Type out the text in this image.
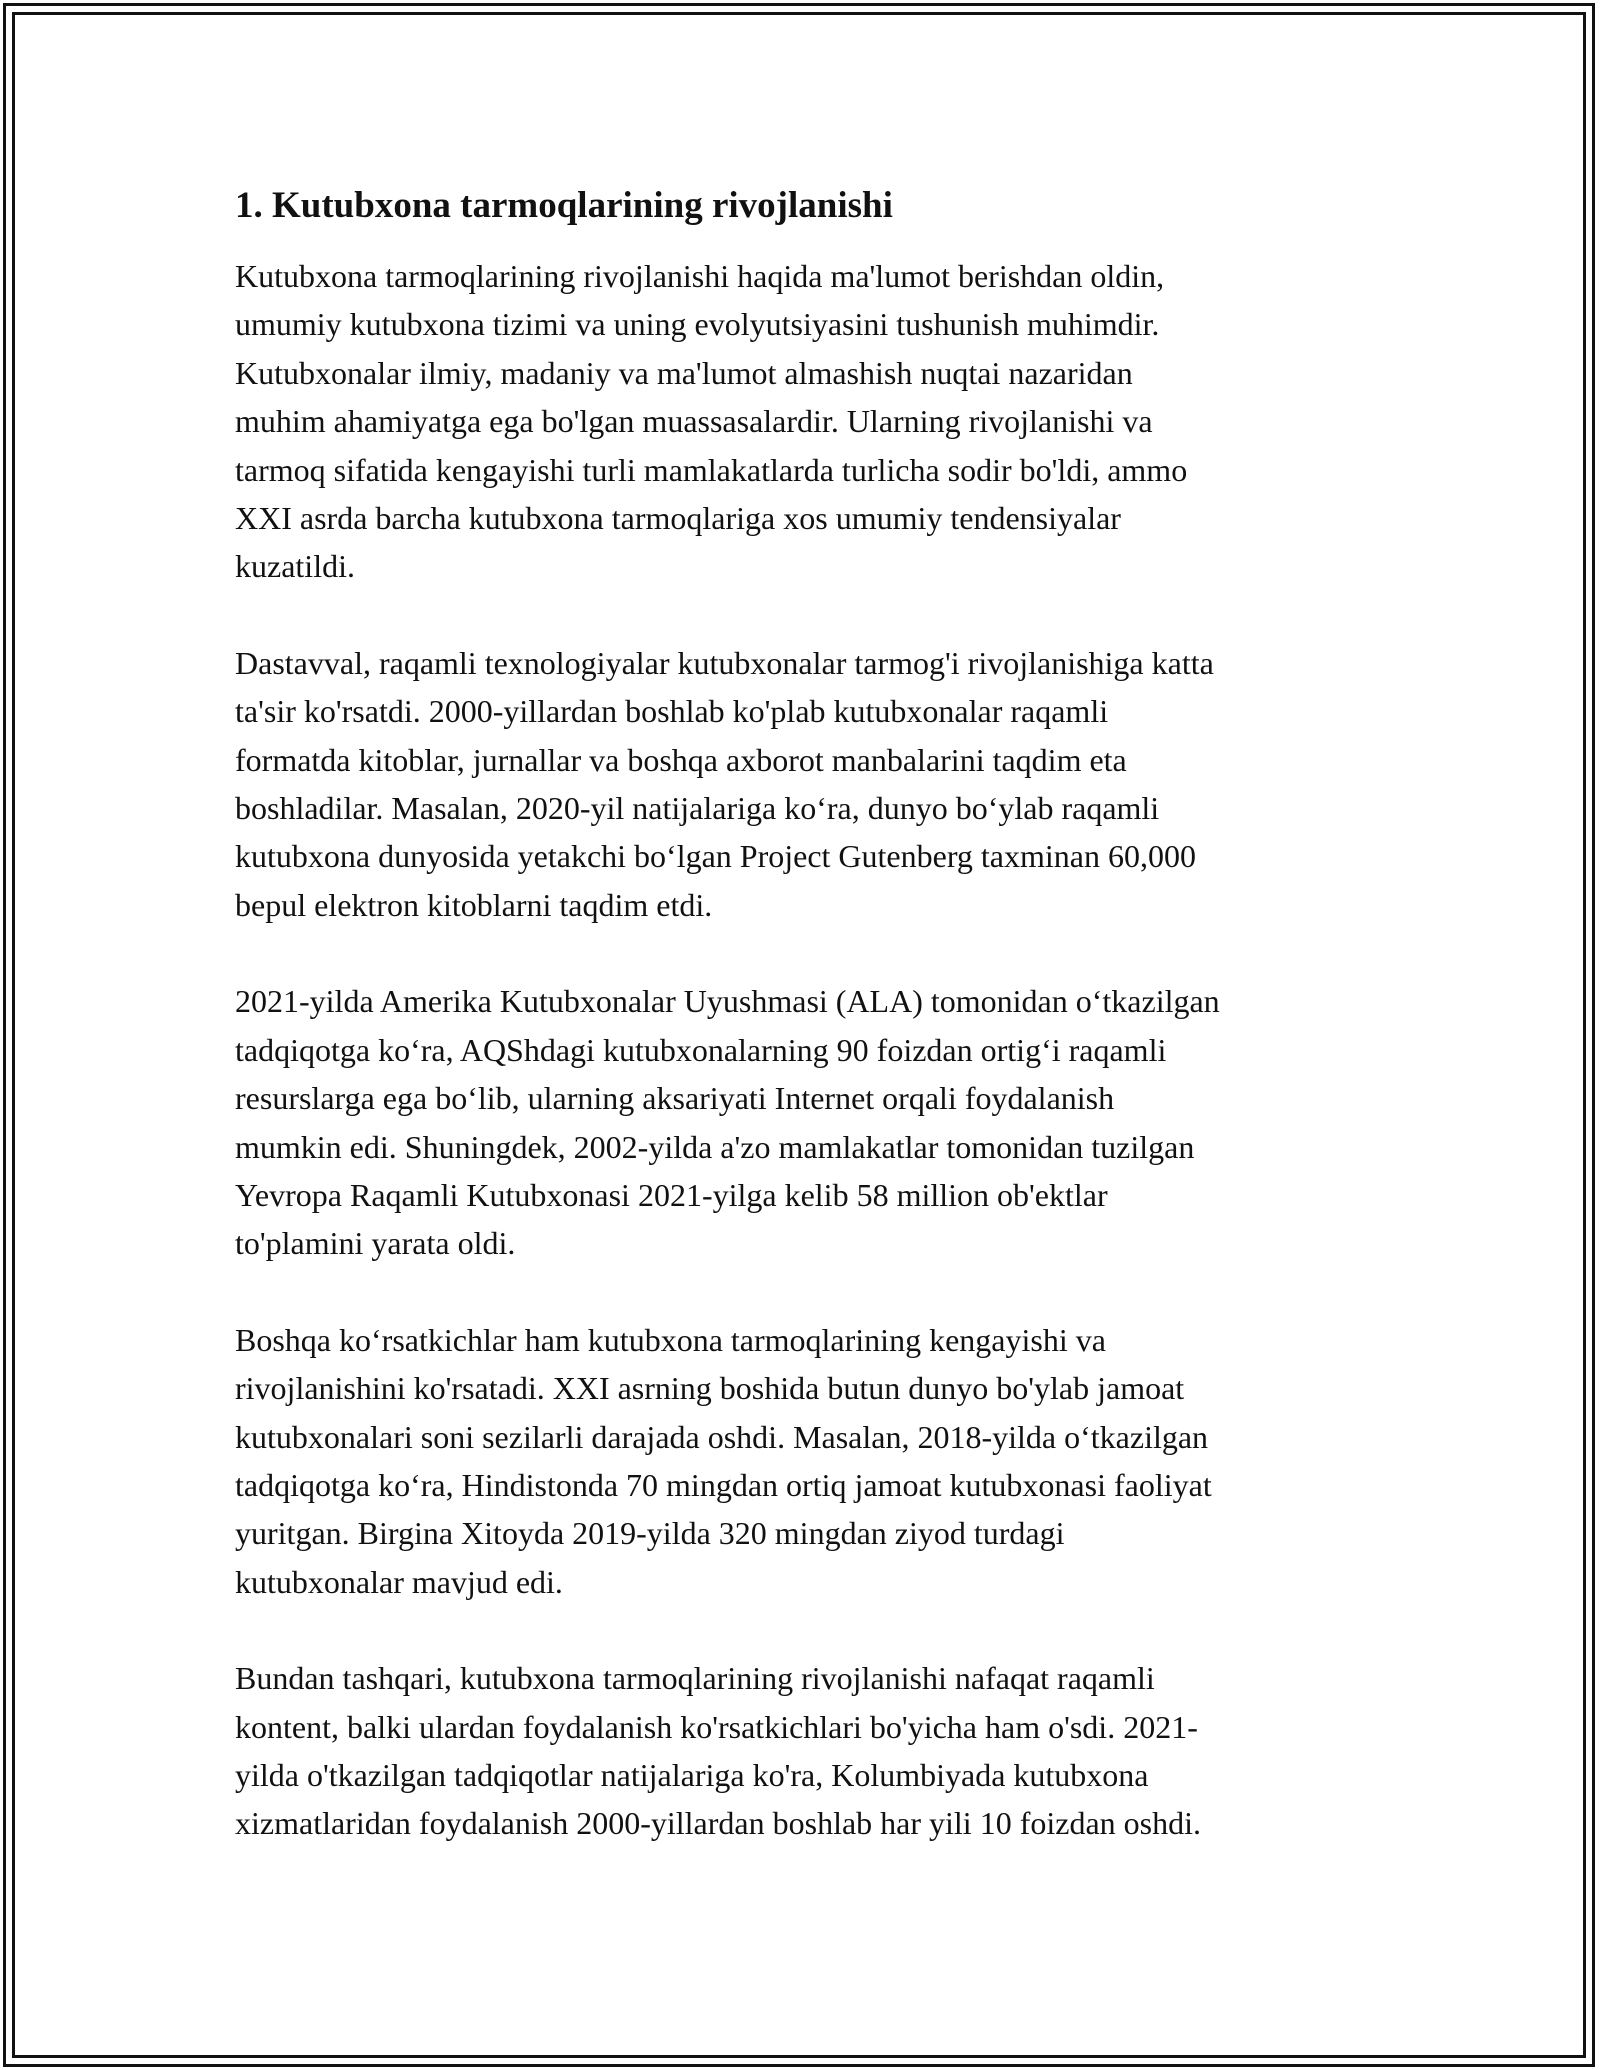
1. Kutubxona tarmoqlarining rivojlanishi

Kutubxona tarmoqlarining rivojlanishi haqida ma'lumot berishdan oldin,
umumiy kutubxona tizimi va uning evolyutsiyasini tushunish muhimdir.
Kutubxonalar ilmiy, madaniy va ma'lumot almashish nuqtai nazaridan
muhim ahamiyatga ega bo'lgan muassasalardir. Ularning rivojlanishi va
tarmoq sifatida kengayishi turli mamlakatlarda turlicha sodir bo'ldi, ammo
XXI asrda barcha kutubxona tarmoqlariga xos umumiy tendensiyalar
kuzatildi.

Dastavval, raqamli texnologiyalar kutubxonalar tarmog'i rivojlanishiga katta
ta'sir ko'rsatdi. 2000-yillardan boshlab ko'plab kutubxonalar raqamli
formatda kitoblar, jurnallar va boshqa axborot manbalarini taqdim eta
boshladilar. Masalan, 2020-yil natijalariga koʻra, dunyo boʻylab raqamli
kutubxona dunyosida yetakchi boʻlgan Project Gutenberg taxminan 60,000
bepul elektron kitoblarni taqdim etdi.

2021-yilda Amerika Kutubxonalar Uyushmasi (ALA) tomonidan oʻtkazilgan
tadqiqotga koʻra, AQShdagi kutubxonalarning 90 foizdan ortigʻi raqamli
resurslarga ega boʻlib, ularning aksariyati Internet orqali foydalanish
mumkin edi. Shuningdek, 2002-yilda a'zo mamlakatlar tomonidan tuzilgan
Yevropa Raqamli Kutubxonasi 2021-yilga kelib 58 million ob'ektlar
to'plamini yarata oldi.

Boshqa koʻrsatkichlar ham kutubxona tarmoqlarining kengayishi va
rivojlanishini ko'rsatadi. XXI asrning boshida butun dunyo bo'ylab jamoat
kutubxonalari soni sezilarli darajada oshdi. Masalan, 2018-yilda oʻtkazilgan
tadqiqotga koʻra, Hindistonda 70 mingdan ortiq jamoat kutubxonasi faoliyat
yuritgan. Birgina Xitoyda 2019-yilda 320 mingdan ziyod turdagi
kutubxonalar mavjud edi.

Bundan tashqari, kutubxona tarmoqlarining rivojlanishi nafaqat raqamli
kontent, balki ulardan foydalanish ko'rsatkichlari bo'yicha ham o'sdi. 2021-
yilda o'tkazilgan tadqiqotlar natijalariga ko'ra, Kolumbiyada kutubxona
xizmatlaridan foydalanish 2000-yillardan boshlab har yili 10 foizdan oshdi.
